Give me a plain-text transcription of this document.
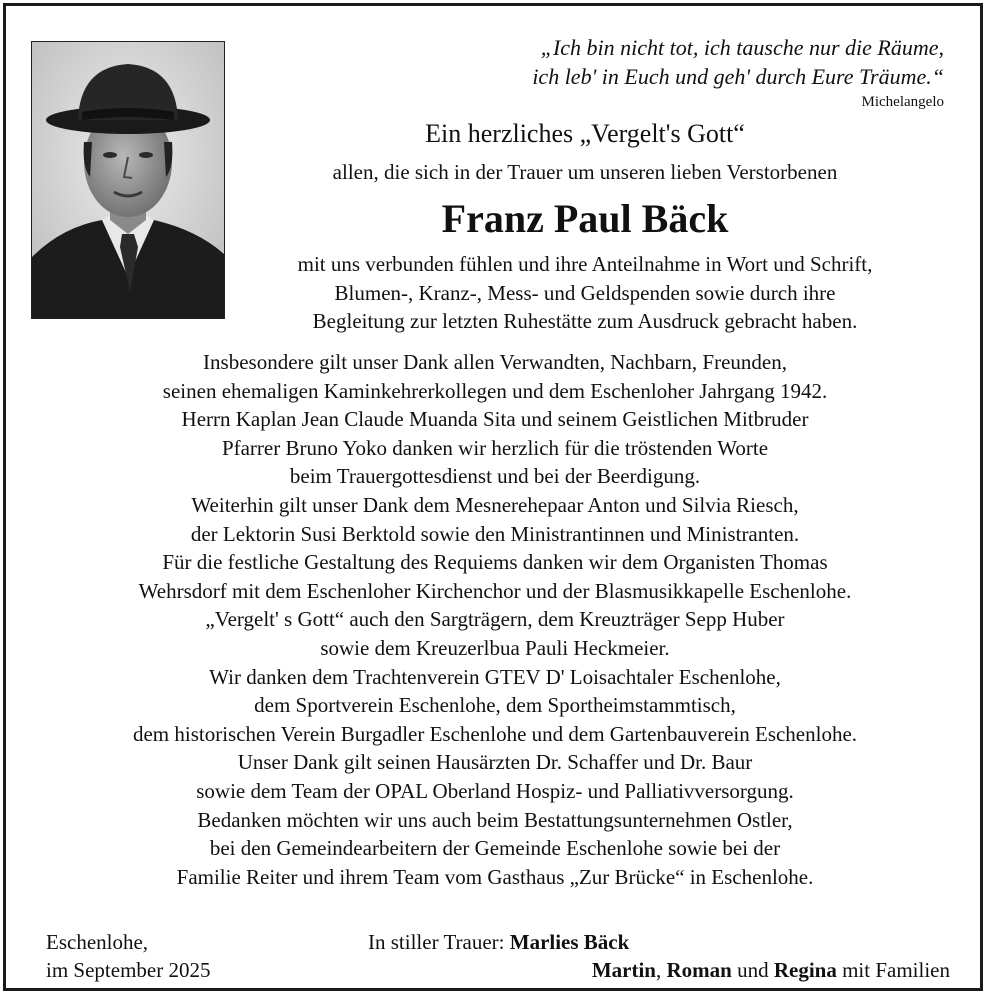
„Ich bin nicht tot, ich tausche nur die Räume,
ich leb' in Euch und geh' durch Eure Träume.“
Michelangelo
Ein herzliches „Vergelt's Gott“
allen, die sich in der Trauer um unseren lieben Verstorbenen
Franz Paul Bäck
mit uns verbunden fühlen und ihre Anteilnahme in Wort und Schrift,
Blumen-, Kranz-, Mess- und Geldspenden sowie durch ihre
Begleitung zur letzten Ruhestätte zum Ausdruck gebracht haben.
Insbesondere gilt unser Dank allen Verwandten, Nachbarn, Freunden,
seinen ehemaligen Kaminkehrerkollegen und dem Eschenloher Jahrgang 1942.
Herrn Kaplan Jean Claude Muanda Sita und seinem Geistlichen Mitbruder
Pfarrer Bruno Yoko danken wir herzlich für die tröstenden Worte
beim Trauergottesdienst und bei der Beerdigung.
Weiterhin gilt unser Dank dem Mesnerehepaar Anton und Silvia Riesch,
der Lektorin Susi Berktold sowie den Ministrantinnen und Ministranten.
Für die festliche Gestaltung des Requiems danken wir dem Organisten Thomas
Wehrsdorf mit dem Eschenloher Kirchenchor und der Blasmusikkapelle Eschenlohe.
„Vergelt' s Gott“ auch den Sargträgern, dem Kreuzträger Sepp Huber
sowie dem Kreuzerlbua Pauli Heckmeier.
Wir danken dem Trachtenverein GTEV D' Loisachtaler Eschenlohe,
dem Sportverein Eschenlohe, dem Sportheimstammtisch,
dem historischen Verein Burgadler Eschenlohe und dem Gartenbauverein Eschenlohe.
Unser Dank gilt seinen Hausärzten Dr. Schaffer und Dr. Baur
sowie dem Team der OPAL Oberland Hospiz- und Palliativversorgung.
Bedanken möchten wir uns auch beim Bestattungsunternehmen Ostler,
bei den Gemeindearbeitern der Gemeinde Eschenlohe sowie bei der
Familie Reiter und ihrem Team vom Gasthaus „Zur Brücke“ in Eschenlohe.
Eschenlohe,
im September 2025
In stiller Trauer: Marlies Bäck
Martin, Roman und Regina mit Familien
